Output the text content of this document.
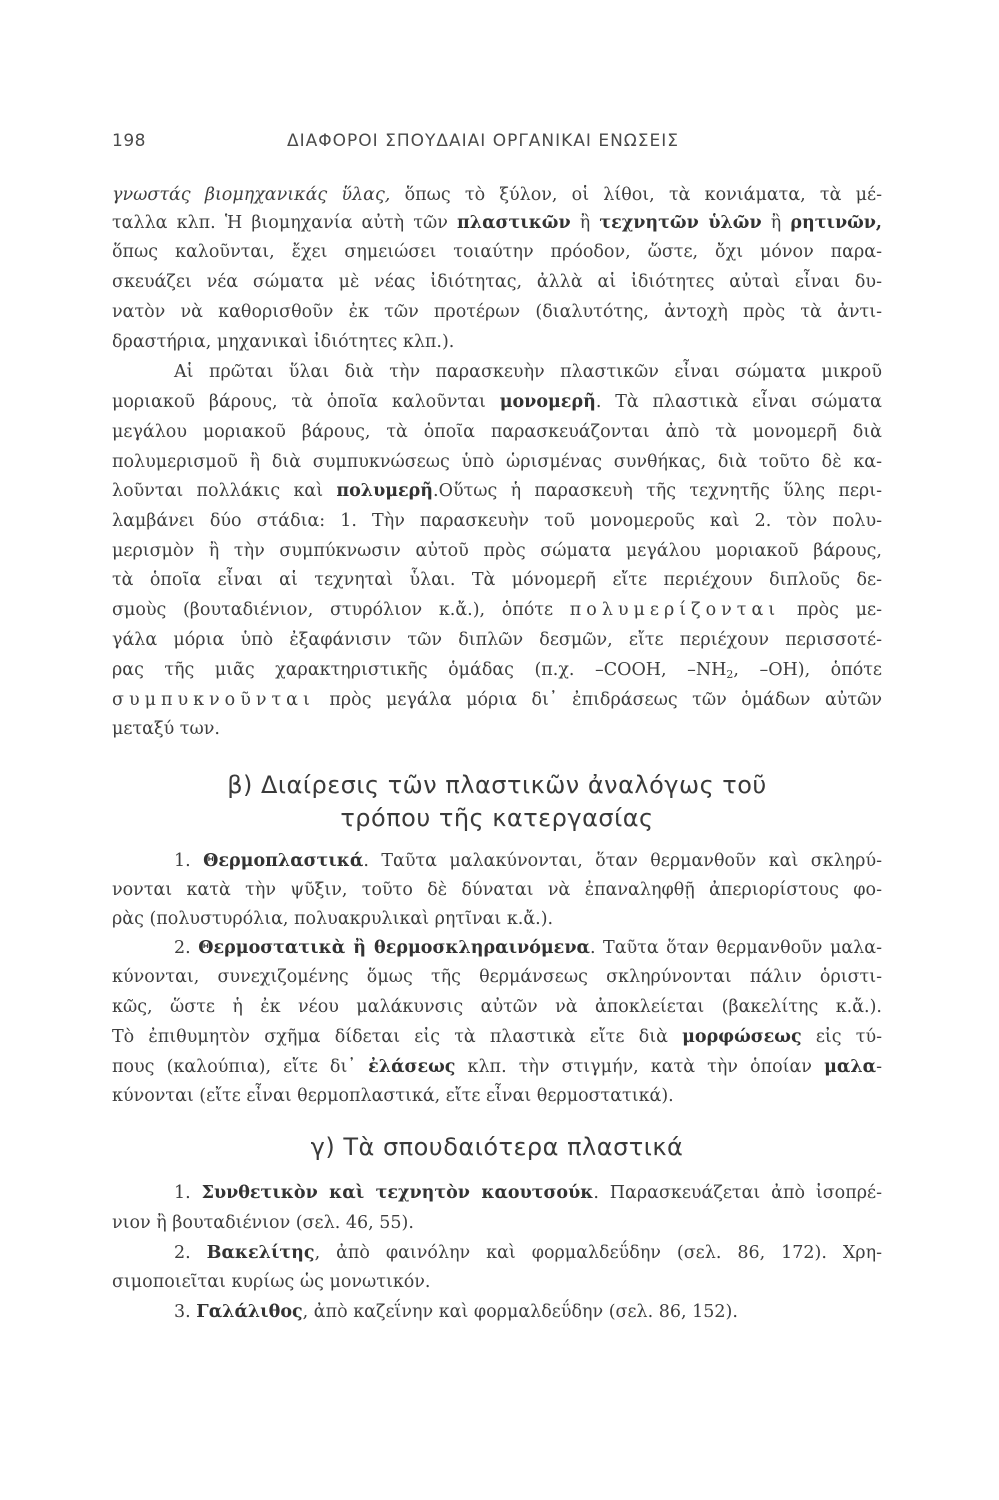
198	ΔΙΑΦΟΡΟΙ ΣΠΟΥΔΑΙΑΙ ΟΡΓΑΝΙΚΑΙ ΕΝΩΣΕΙΣ
γνωστάς βιομηχανικάς ὕλας, ὅπως τὸ ξύλον, οἱ λίθοι, τὰ κονιάματα, τὰ μέ-
ταλλα κλπ. Ἡ βιομηχανία αὐτὴ τῶν πλαστικῶν ἢ τεχνητῶν ὑλῶν ἢ ρητινῶν,
ὅπως καλοῦνται, ἔχει σημειώσει τοιαύτην πρόοδον, ὥστε, ὄχι μόνον παρα-
σκευάζει νέα σώματα μὲ νέας ἰδιότητας, ἀλλὰ αἱ ἰδιότητες αὐταὶ εἶναι δυ-
νατὸν νὰ καθορισθοῦν ἐκ τῶν προτέρων (διαλυτότης, ἀντοχὴ πρὸς τὰ ἀντι-
δραστήρια, μηχανικαὶ ἰδιότητες κλπ.).
Αἱ πρῶται ὕλαι διὰ τὴν παρασκευὴν πλαστικῶν εἶναι σώματα μικροῦ
μοριακοῦ βάρους, τὰ ὁποῖα καλοῦνται μονομερῆ. Τὰ πλαστικὰ εἶναι σώματα
μεγάλου μοριακοῦ βάρους, τὰ ὁποῖα παρασκευάζονται ἀπὸ τὰ μονομερῆ διὰ
πολυμερισμοῦ ἢ διὰ συμπυκνώσεως ὑπὸ ὡρισμένας συνθήκας, διὰ τοῦτο δὲ κα-
λοῦνται πολλάκις καὶ πολυμερῆ.Οὕτως ἡ παρασκευὴ τῆς τεχνητῆς ὕλης περι-
λαμβάνει δύο στάδια: 1. Τὴν παρασκευὴν τοῦ μονομεροῦς καὶ 2. τὸν πολυ-
μερισμὸν ἢ τὴν συμπύκνωσιν αὐτοῦ πρὸς σώματα μεγάλου μοριακοῦ βάρους,
τὰ ὁποῖα εἶναι αἱ τεχνηταὶ ὗλαι. Τὰ μόνομερῆ εἴτε περιέχουν διπλοῦς δε-
σμοὺς (βουταδιένιον, στυρόλιον κ.ἄ.), ὁπότε πολυμερίζονται πρὸς με-
γάλα μόρια ὑπὸ ἐξαφάνισιν τῶν διπλῶν δεσμῶν, εἴτε περιέχουν περισσοτέ-
ρας τῆς μιᾶς χαρακτηριστικῆς ὁμάδας (π.χ. –COOH, $-NH_2$, –OH), ὁπότε
συμπυκνοῦνται πρὸς μεγάλα μόρια δι᾿ ἐπιδράσεως τῶν ὁμάδων αὐτῶν
μεταξύ των.
β) Διαίρεσις τῶν πλαστικῶν ἀναλόγως τοῦ
τρόπου τῆς κατεργασίας
1. Θερμοπλαστικά. Ταῦτα μαλακύνονται, ὅταν θερμανθοῦν καὶ σκληρύ-
νονται κατὰ τὴν ψῦξιν, τοῦτο δὲ δύναται νὰ ἐπαναληφθῇ ἀπεριορίστους φο-
ρὰς (πολυστυρόλια, πολυακρυλικαὶ ρητῖναι κ.ἄ.).
2. Θερμοστατικὰ ἢ θερμοσκληραινόμενα. Ταῦτα ὅταν θερμανθοῦν μαλα-
κύνονται, συνεχιζομένης ὅμως τῆς θερμάνσεως σκληρύνονται πάλιν ὁριστι-
κῶς, ὥστε ἡ ἐκ νέου μαλάκυνσις αὐτῶν νὰ ἀποκλείεται (βακελίτης κ.ἄ.).
Τὸ ἐπιθυμητὸν σχῆμα δίδεται εἰς τὰ πλαστικὰ εἴτε διὰ μορφώσεως εἰς τύ-
πους (καλούπια), εἴτε δι᾿ ἐλάσεως κλπ. τὴν στιγμήν, κατὰ τὴν ὁποίαν μαλα-
κύνονται (εἴτε εἶναι θερμοπλαστικά, εἴτε εἶναι θερμοστατικά).
γ) Τὰ σπουδαιότερα πλαστικά
1. Συνθετικὸν καὶ τεχνητὸν καουτσούκ. Παρασκευάζεται ἀπὸ ἰσοπρέ-
νιον ἢ βουταδιένιον (σελ. 46, 55).
2. Βακελίτης, ἀπὸ φαινόλην καὶ φορμαλδεΰδην (σελ. 86, 172). Χρη-
σιμοποιεῖται κυρίως ὡς μονωτικόν.
3. Γαλάλιθος, ἀπὸ καζεΐνην καὶ φορμαλδεΰδην (σελ. 86, 152).
